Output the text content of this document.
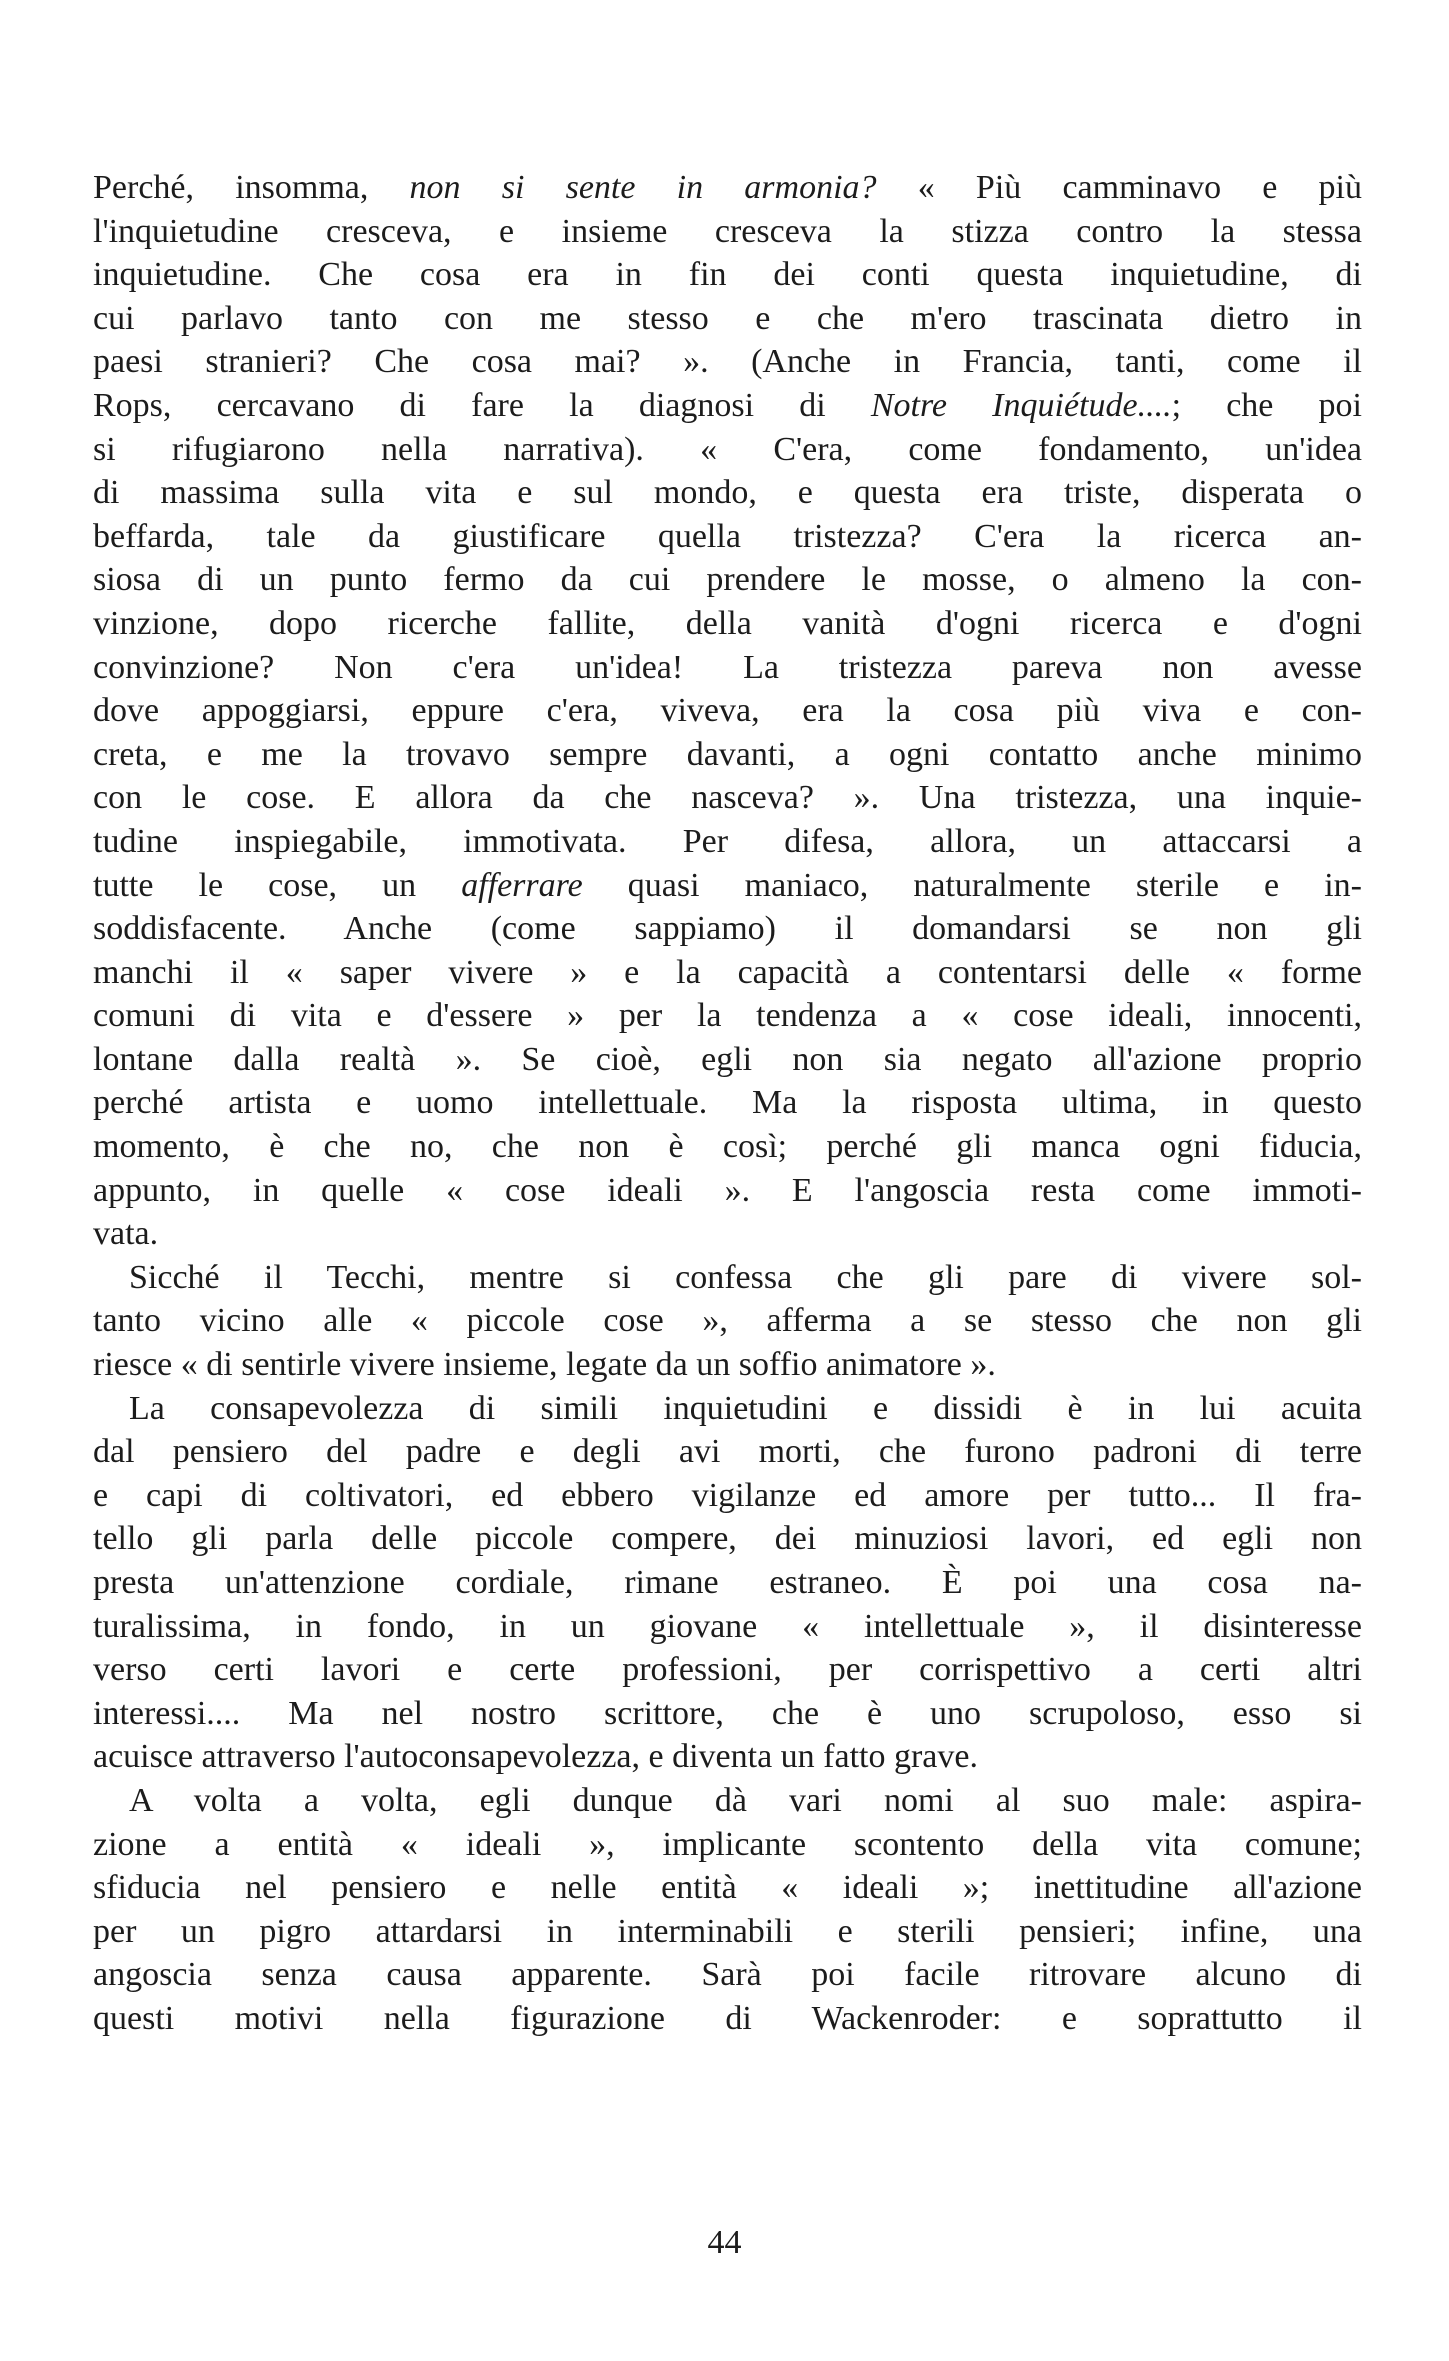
Perché, insomma, non si sente in armonia? « Più camminavo e più
l'inquietudine cresceva, e insieme cresceva la stizza contro la stessa
inquietudine. Che cosa era in fin dei conti questa inquietudine, di
cui parlavo tanto con me stesso e che m'ero trascinata dietro in
paesi stranieri? Che cosa mai? ». (Anche in Francia, tanti, come il
Rops, cercavano di fare la diagnosi di Notre Inquiétude....; che poi
si rifugiarono nella narrativa). « C'era, come fondamento, un'idea
di massima sulla vita e sul mondo, e questa era triste, disperata o
beffarda, tale da giustificare quella tristezza? C'era la ricerca an-
siosa di un punto fermo da cui prendere le mosse, o almeno la con-
vinzione, dopo ricerche fallite, della vanità d'ogni ricerca e d'ogni
convinzione? Non c'era un'idea! La tristezza pareva non avesse
dove appoggiarsi, eppure c'era, viveva, era la cosa più viva e con-
creta, e me la trovavo sempre davanti, a ogni contatto anche minimo
con le cose. E allora da che nasceva? ». Una tristezza, una inquie-
tudine inspiegabile, immotivata. Per difesa, allora, un attaccarsi a
tutte le cose, un afferrare quasi maniaco, naturalmente sterile e in-
soddisfacente. Anche (come sappiamo) il domandarsi se non gli
manchi il « saper vivere » e la capacità a contentarsi delle « forme
comuni di vita e d'essere » per la tendenza a « cose ideali, innocenti,
lontane dalla realtà ». Se cioè, egli non sia negato all'azione proprio
perché artista e uomo intellettuale. Ma la risposta ultima, in questo
momento, è che no, che non è così; perché gli manca ogni fiducia,
appunto, in quelle « cose ideali ». E l'angoscia resta come immoti-
vata.
Sicché il Tecchi, mentre si confessa che gli pare di vivere sol-
tanto vicino alle « piccole cose », afferma a se stesso che non gli
riesce « di sentirle vivere insieme, legate da un soffio animatore ».
La consapevolezza di simili inquietudini e dissidi è in lui acuita
dal pensiero del padre e degli avi morti, che furono padroni di terre
e capi di coltivatori, ed ebbero vigilanze ed amore per tutto... Il fra-
tello gli parla delle piccole compere, dei minuziosi lavori, ed egli non
presta un'attenzione cordiale, rimane estraneo. È poi una cosa na-
turalissima, in fondo, in un giovane « intellettuale », il disinteresse
verso certi lavori e certe professioni, per corrispettivo a certi altri
interessi.... Ma nel nostro scrittore, che è uno scrupoloso, esso si
acuisce attraverso l'autoconsapevolezza, e diventa un fatto grave.
A volta a volta, egli dunque dà vari nomi al suo male: aspira-
zione a entità « ideali », implicante scontento della vita comune;
sfiducia nel pensiero e nelle entità « ideali »; inettitudine all'azione
per un pigro attardarsi in interminabili e sterili pensieri; infine, una
angoscia senza causa apparente. Sarà poi facile ritrovare alcuno di
questi motivi nella figurazione di Wackenroder: e soprattutto il
44
